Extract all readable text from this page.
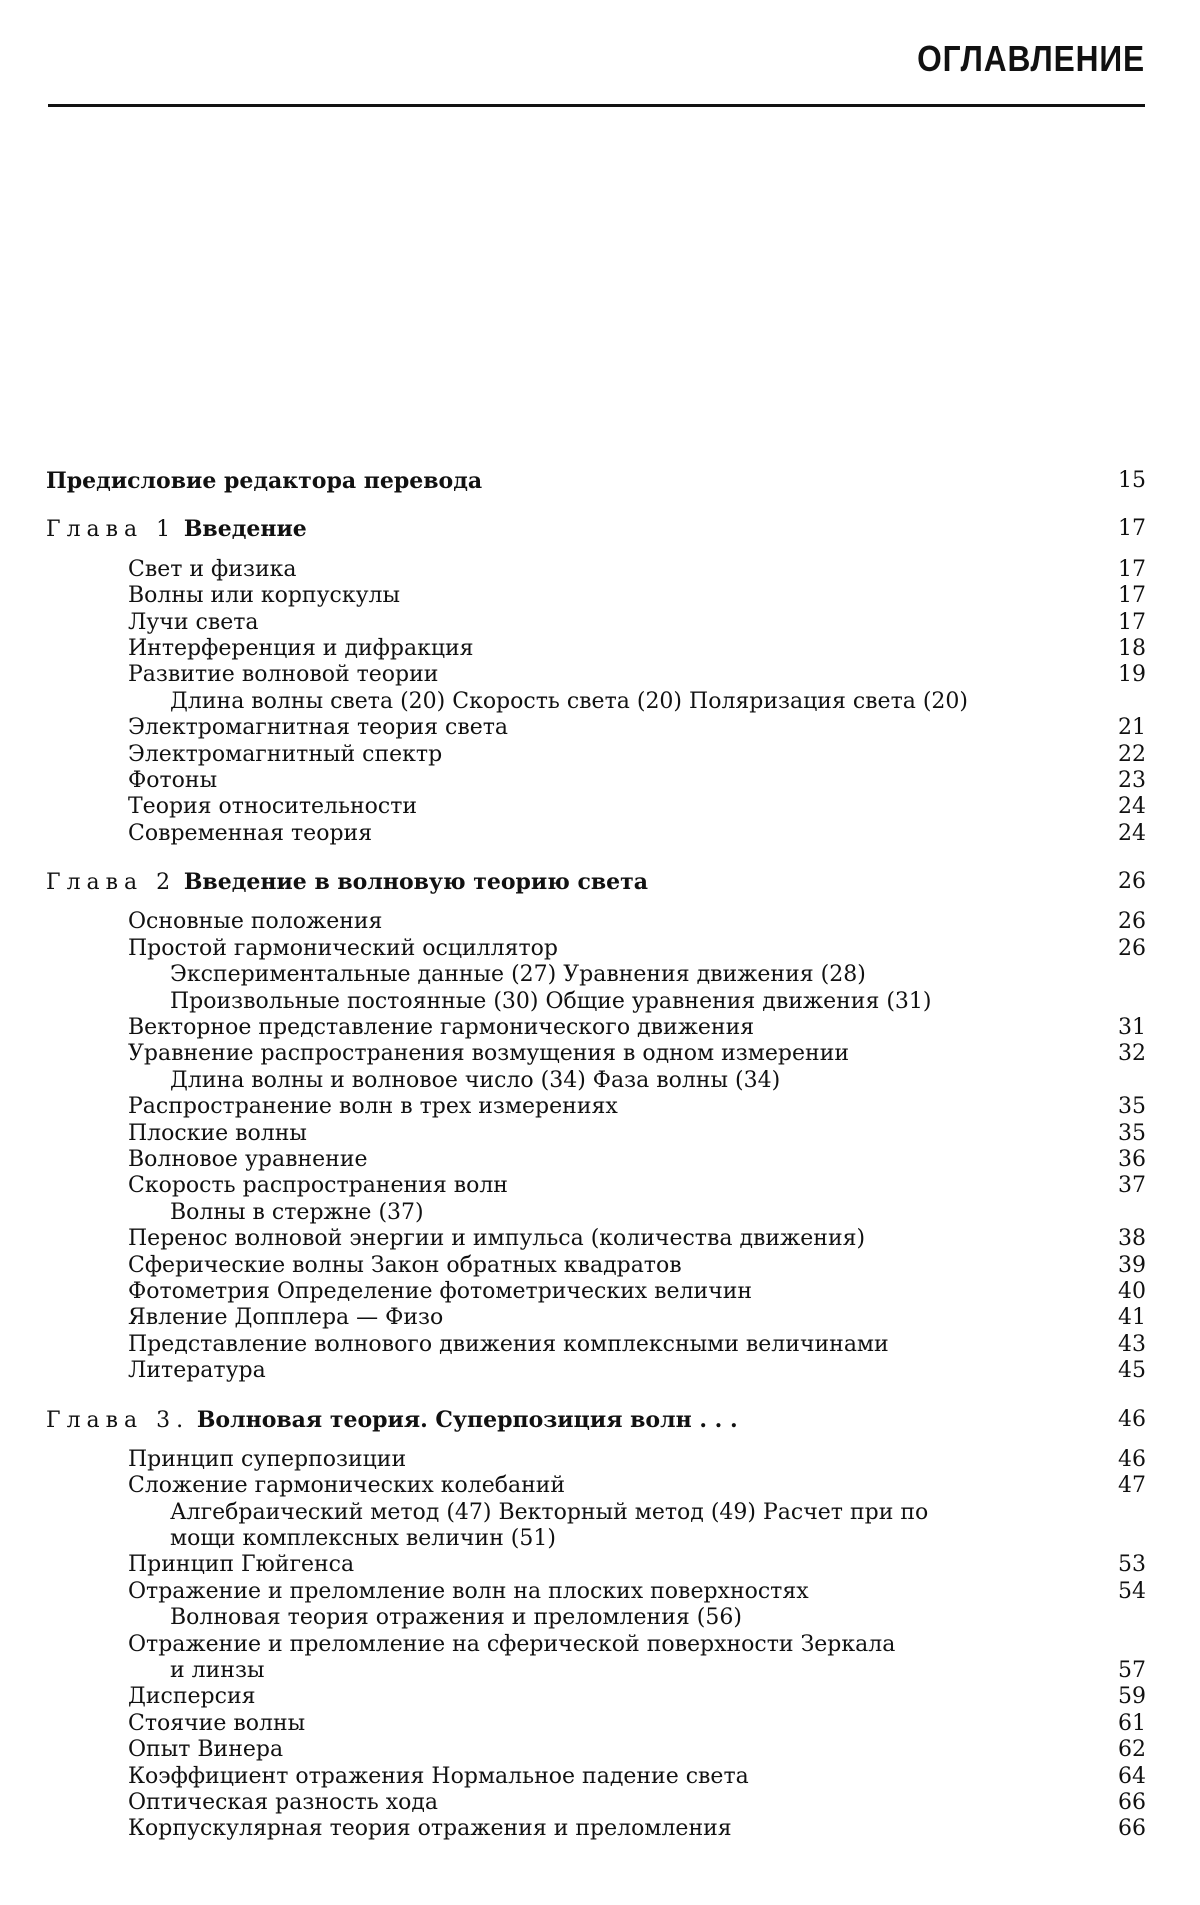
ОГЛАВЛЕНИЕ
Предисловие редактора перевода	15
Глава 1 Введение	17
Свет и физика	17
Волны или корпускулы	17
Лучи света	17
Интерференция и дифракция	18
Развитие волновой теории	19
Длина волны света (20) Скорость света (20) Поляризация света (20)
Электромагнитная теория света	21
Электромагнитный спектр	22
Фотоны	23
Теория относительности	24
Современная теория	24
Глава 2 Введение в волновую теорию света	26
Основные положения	26
Простой гармонический осциллятор	26
Экспериментальные данные (27) Уравнения движения (28)
Произвольные постоянные (30) Общие уравнения движения (31)
Векторное представление гармонического движения	31
Уравнение распространения возмущения в одном измерении	32
Длина волны и волновое число (34) Фаза волны (34)
Распространение волн в трех измерениях	35
Плоские волны	35
Волновое уравнение	36
Скорость распространения волн	37
Волны в стержне (37)
Перенос волновой энергии и импульса (количества движения)	38
Сферические волны Закон обратных квадратов	39
Фотометрия Определение фотометрических величин	40
Явление Допплера — Физо	41
Представление волнового движения комплексными величинами	43
Литература	45
Глава 3. Волновая теория. Суперпозиция волн . . .	46
Принцип суперпозиции	46
Сложение гармонических колебаний	47
Алгебраический метод (47) Векторный метод (49) Расчет при по
мощи комплексных величин (51)
Принцип Гюйгенса	53
Отражение и преломление волн на плоских поверхностях	54
Волновая теория отражения и преломления (56)
Отражение и преломление на сферической поверхности Зеркала
и линзы	57
Дисперсия	59
Стоячие волны	61
Опыт Винера	62
Коэффициент отражения Нормальное падение света	64
Оптическая разность хода	66
Корпускулярная теория отражения и преломления	66
